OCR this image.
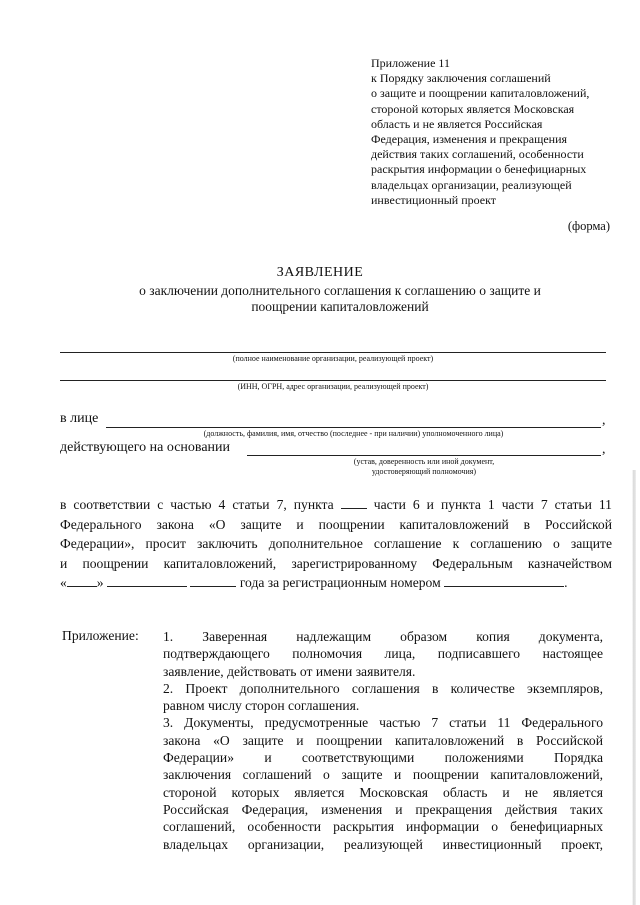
Приложение 11
к Порядку заключения соглашений
о защите и поощрении капиталовложений,
стороной которых является Московская
область и не является Российская
Федерация, изменения и прекращения
действия таких соглашений, особенности
раскрытия информации о бенефициарных
владельцах организации, реализующей
инвестиционный проект
(форма)
ЗАЯВЛЕНИЕ
о заключении дополнительного соглашения к соглашению о защите и
поощрении капиталовложений
(полное наименование организации, реализующей проект)
(ИНН, ОГРН, адрес организации, реализующей проект)
в лице	,
(должность, фамилия, имя, отчество (последнее - при наличии) уполномоченного лица)
действующего на основании	,
(устав, доверенность или иной документ,
удостоверяющий полномочия)
в соответствии с частью 4 статьи 7, пункта	части 6 и пункта 1 части 7 статьи 11
Федерального закона «О защите и поощрении капиталовложений в Российской
Федерации», просит заключить дополнительное соглашение к соглашению о защите
и поощрении капиталовложений, зарегистрированному Федеральным казначейством
« »	года за регистрационным номером	.
Приложение: 1. Заверенная надлежащим образом копия документа,
подтверждающего полномочия лица, подписавшего настоящее
заявление, действовать от имени заявителя.
2. Проект дополнительного соглашения в количестве экземпляров,
равном числу сторон соглашения.
3. Документы, предусмотренные частью 7 статьи 11 Федерального
закона «О защите и поощрении капиталовложений в Российской
Федерации» и соответствующими положениями Порядка
заключения соглашений о защите и поощрении капиталовложений,
стороной которых является Московская область и не является
Российская Федерация, изменения и прекращения действия таких
соглашений, особенности раскрытия информации о бенефициарных
владельцах организации, реализующей инвестиционный проект,
